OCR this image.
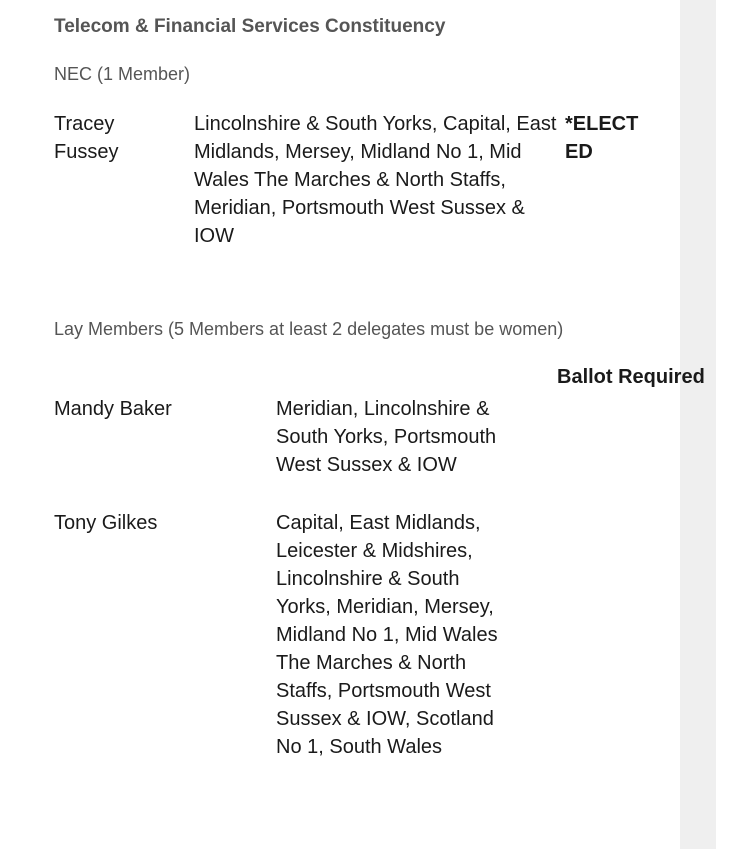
Telecom & Financial Services Constituency
NEC (1 Member)
Tracey Fussey
Lincolnshire & South Yorks, Capital, East Midlands, Mersey, Midland No 1, Mid Wales The Marches & North Staffs, Meridian, Portsmouth West Sussex & IOW
*ELECTED
Lay Members (5 Members at least 2 delegates must be women)
Ballot Required
Mandy Baker	Meridian, Lincolnshire & South Yorks, Portsmouth West Sussex & IOW
Tony Gilkes	Capital, East Midlands, Leicester & Midshires, Lincolnshire & South Yorks, Meridian, Mersey, Midland No 1, Mid Wales The Marches & North Staffs, Portsmouth West Sussex & IOW, Scotland No 1, South Wales
